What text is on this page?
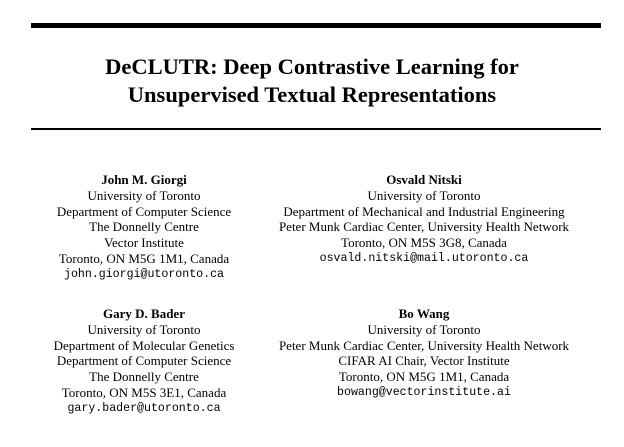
DeCLUTR: Deep Contrastive Learning for
Unsupervised Textual Representations
John M. Giorgi
University of Toronto
Department of Computer Science
The Donnelly Centre
Vector Institute
Toronto, ON M5G 1M1, Canada
john.giorgi@utoronto.ca
Osvald Nitski
University of Toronto
Department of Mechanical and Industrial Engineering
Peter Munk Cardiac Center, University Health Network
Toronto, ON M5S 3G8, Canada
osvald.nitski@mail.utoronto.ca
Gary D. Bader
University of Toronto
Department of Molecular Genetics
Department of Computer Science
The Donnelly Centre
Toronto, ON M5S 3E1, Canada
gary.bader@utoronto.ca
Bo Wang
University of Toronto
Peter Munk Cardiac Center, University Health Network
CIFAR AI Chair, Vector Institute
Toronto, ON M5G 1M1, Canada
bowang@vectorinstitute.ai
